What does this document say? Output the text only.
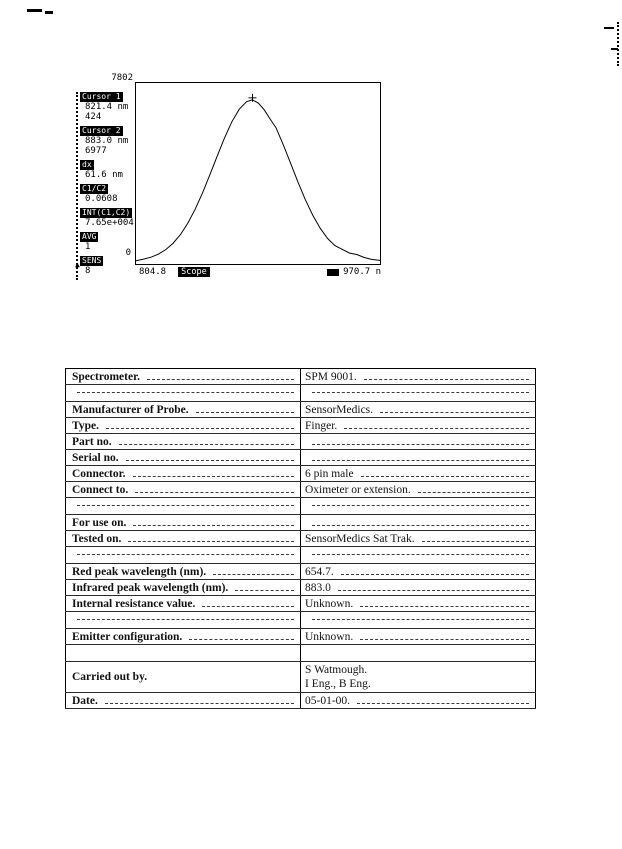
7802
Cursor 1
821.4 nm
424
Cursor 2
883.0 nm
6977
dx
61.6 nm
C1/C2
0.0608
INT(C1,C2)
7.65e+004
AVG
1
SENS
8
0
▲
804.8	Scope	970.7 n
Spectrometer.	SPM 9001.

Manufacturer of Probe.	SensorMedics.

Type.	Finger.

Part no.	

Serial no.	

Connector.	6 pin male

Connect to.	Oximeter or extension.

For use on.	

Tested on.	SensorMedics Sat Trak.

Red peak wavelength (nm).	654.7.

Infrared peak wavelength (nm).	883.0

Internal resistance value.	Unknown.

Emitter configuration.	Unknown.

Carried out by.	S Watmough.
I Eng., B Eng.

Date.	05-01-00.
